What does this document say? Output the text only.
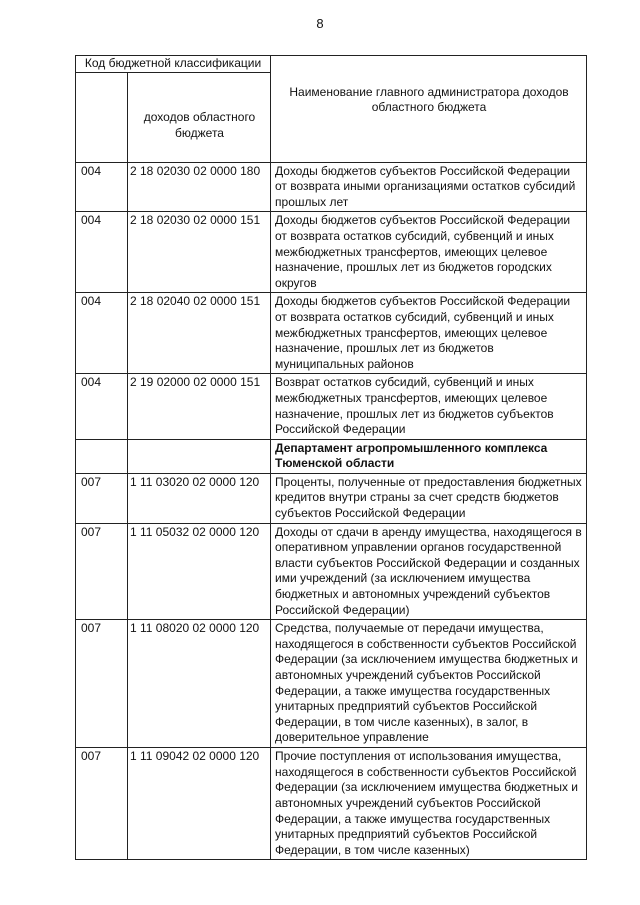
8
Код бюджетной классификации		Наименование главного администратора доходов областного бюджета
	доходов областного бюджета	
004	2 18 02030 02 0000 180	Доходы бюджетов субъектов Российской Федерации от возврата иными организациями остатков субсидий прошлых лет
004	2 18 02030 02 0000 151	Доходы бюджетов субъектов Российской Федерации от возврата остатков субсидий, субвенций и иных межбюджетных трансфертов, имеющих целевое назначение, прошлых лет из бюджетов городских округов
004	2 18 02040 02 0000 151	Доходы бюджетов субъектов Российской Федерации от возврата остатков субсидий, субвенций и иных межбюджетных трансфертов, имеющих целевое назначение, прошлых лет из бюджетов муниципальных районов
004	2 19 02000 02 0000 151	Возврат остатков субсидий, субвенций и иных межбюджетных трансфертов, имеющих целевое назначение, прошлых лет из бюджетов субъектов Российской Федерации
		Департамент агропромышленного комплекса Тюменской области
007	1 11 03020 02 0000 120	Проценты, полученные от предоставления бюджетных кредитов внутри страны за счет средств бюджетов субъектов Российской Федерации
007	1 11 05032 02 0000 120	Доходы от сдачи в аренду имущества, находящегося в оперативном управлении органов государственной власти субъектов Российской Федерации и созданных ими учреждений (за исключением имущества бюджетных и автономных учреждений субъектов Российской Федерации)
007	1 11 08020 02 0000 120	Средства, получаемые от передачи имущества, находящегося в собственности субъектов Российской Федерации (за исключением имущества бюджетных и автономных учреждений субъектов Российской Федерации, а также имущества государственных унитарных предприятий субъектов Российской Федерации, в том числе казенных), в залог, в доверительное управление
007	1 11 09042 02 0000 120	Прочие поступления от использования имущества, находящегося в собственности субъектов Российской Федерации (за исключением имущества бюджетных и автономных учреждений субъектов Российской Федерации, а также имущества государственных унитарных предприятий субъектов Российской Федерации, в том числе казенных)
